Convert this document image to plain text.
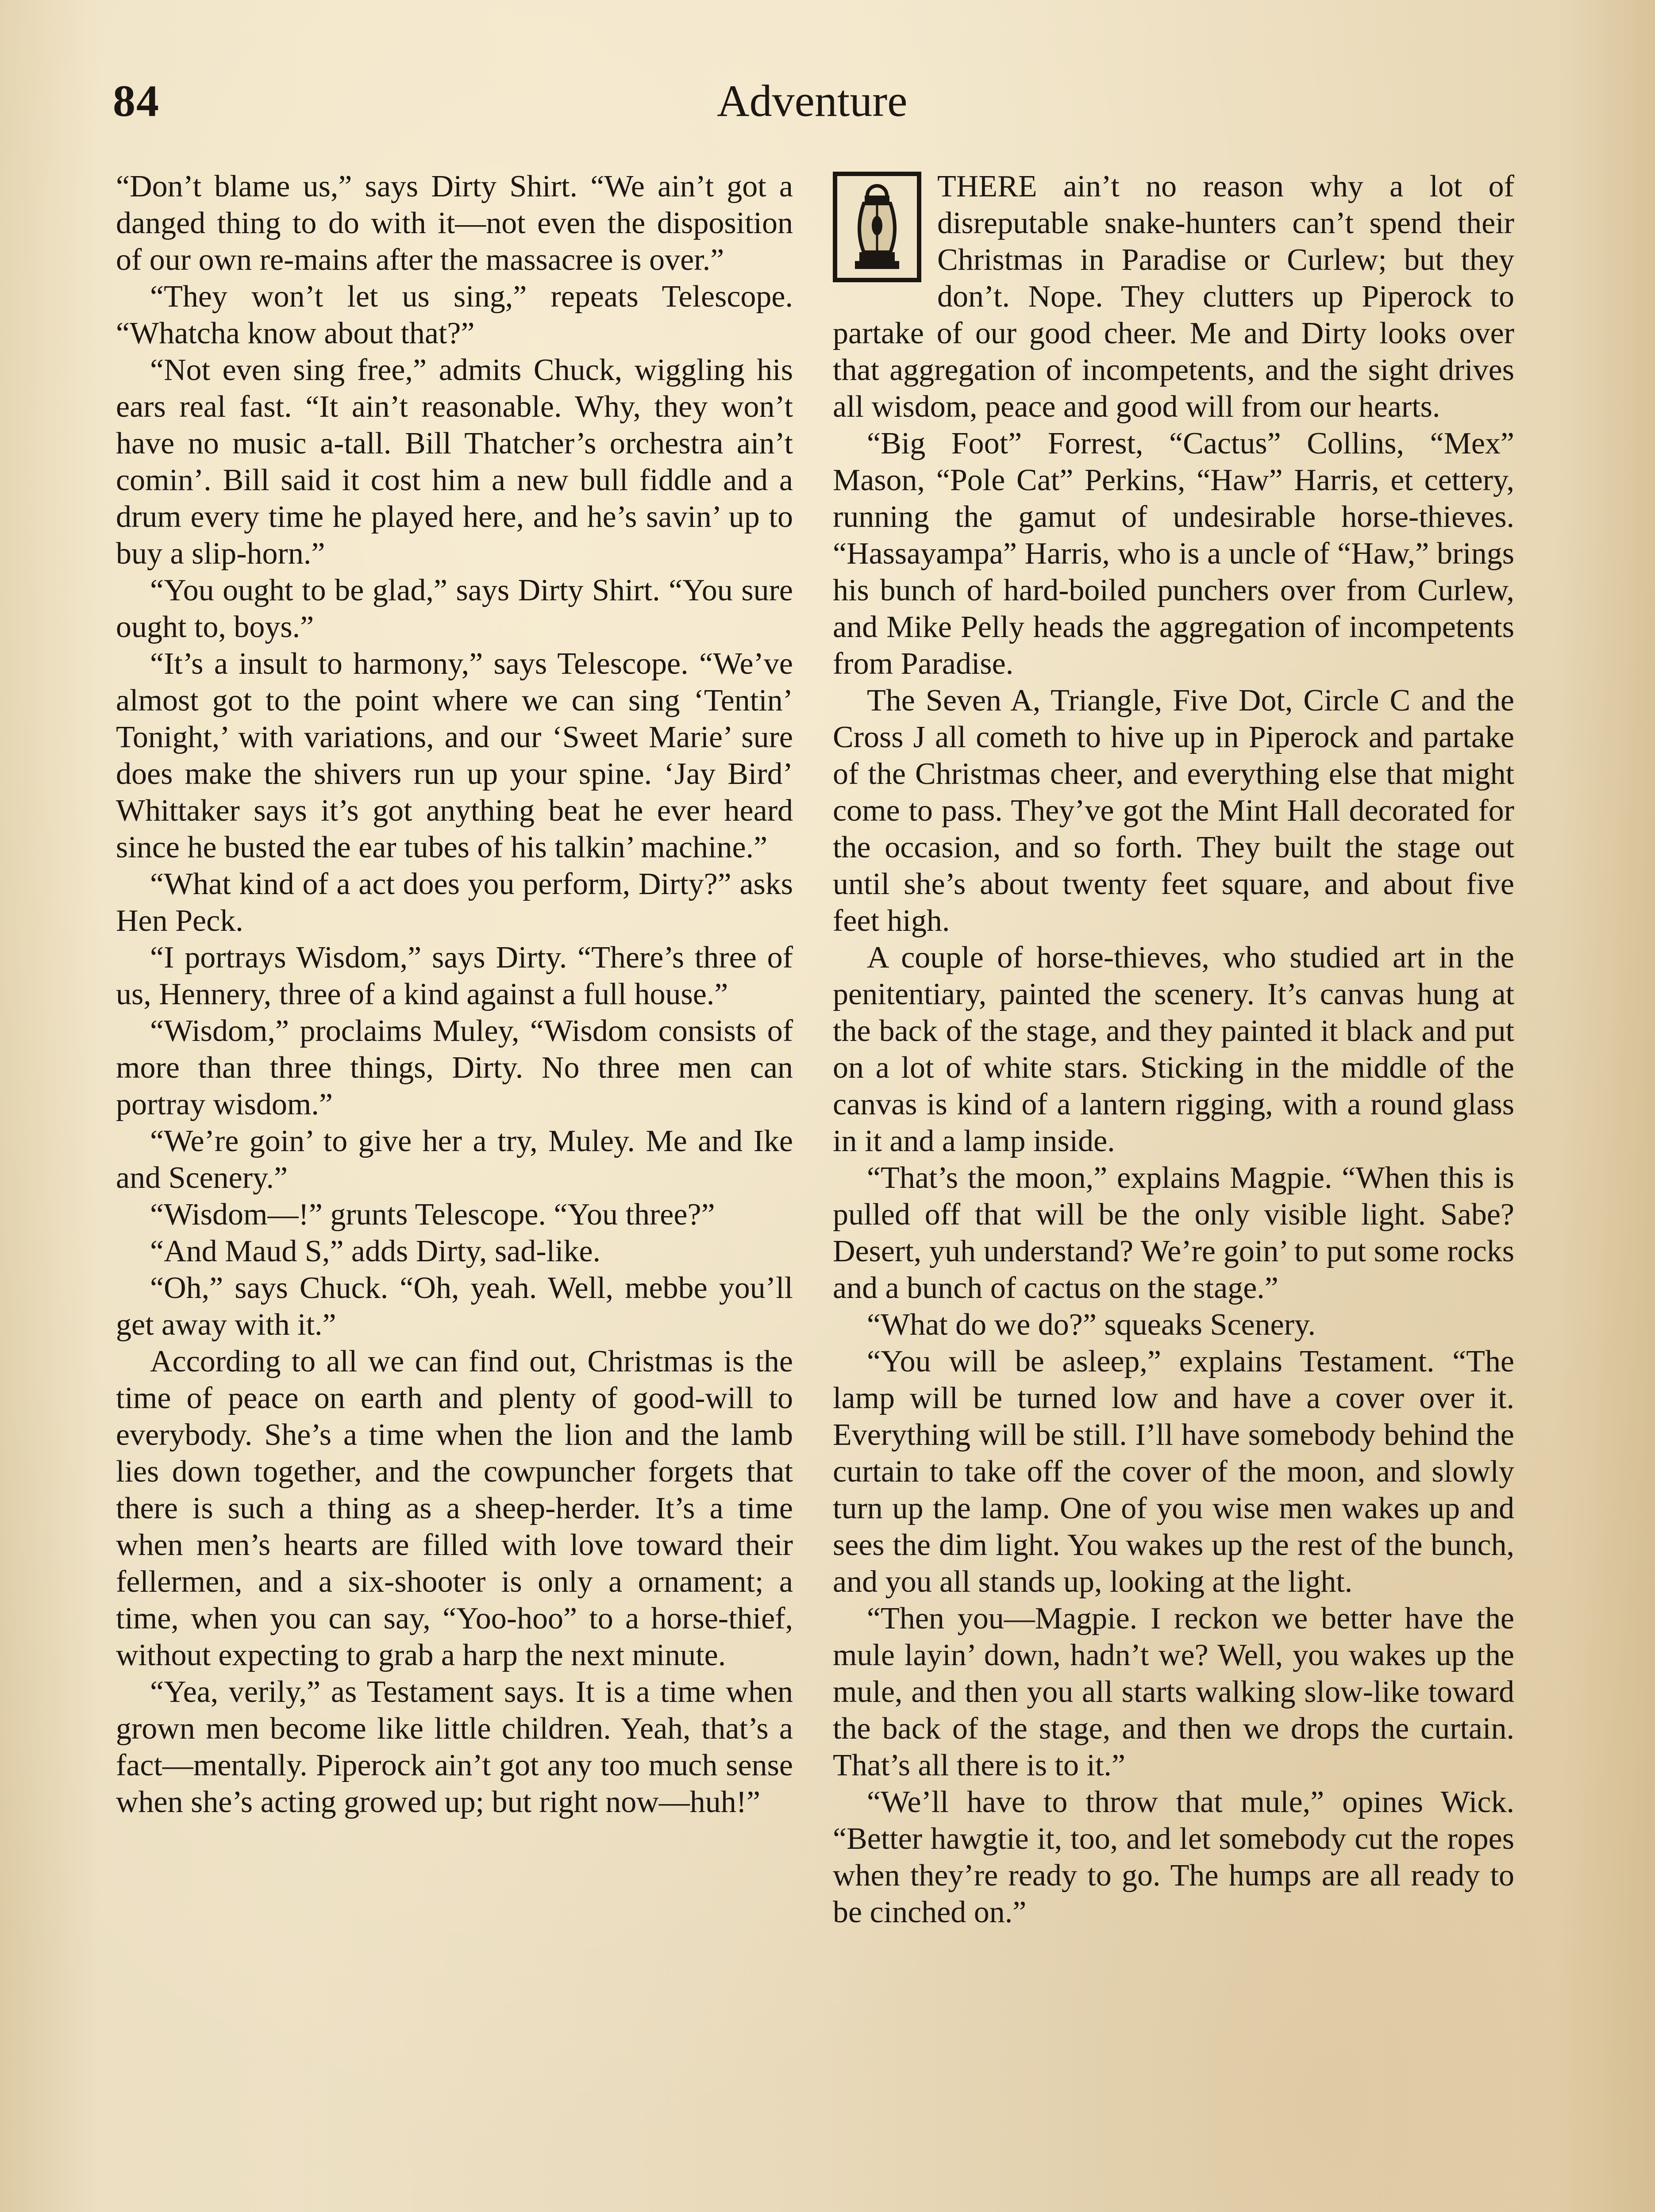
84	Adventure

“Don’t blame us,” says Dirty Shirt. “We ain’t got a danged thing to do with it—not even the disposition of our own re-mains after the massacree is over.”

“They won’t let us sing,” repeats Telescope. “Whatcha know about that?”

“Not even sing free,” admits Chuck, wiggling his ears real fast. “It ain’t reasonable. Why, they won’t have no music a-tall. Bill Thatcher’s orchestra ain’t comin’. Bill said it cost him a new bull fiddle and a drum every time he played here, and he’s savin’ up to buy a slip-horn.”

“You ought to be glad,” says Dirty Shirt. “You sure ought to, boys.”

“It’s a insult to harmony,” says Telescope. “We’ve almost got to the point where we can sing ‘Tentin’ Tonight,’ with variations, and our ‘Sweet Marie’ sure does make the shivers run up your spine. ‘Jay Bird’ Whittaker says it’s got anything beat he ever heard since he busted the ear tubes of his talkin’ machine.”

“What kind of a act does you perform, Dirty?” asks Hen Peck.

“I portrays Wisdom,” says Dirty. “There’s three of us, Hennery, three of a kind against a full house.”

“Wisdom,” proclaims Muley, “Wisdom consists of more than three things, Dirty. No three men can portray wisdom.”

“We’re goin’ to give her a try, Muley. Me and Ike and Scenery.”

“Wisdom—!” grunts Telescope. “You three?”

“And Maud S,” adds Dirty, sad-like.

“Oh,” says Chuck. “Oh, yeah. Well, mebbe you’ll get away with it.”

According to all we can find out, Christmas is the time of peace on earth and plenty of good-will to everybody. She’s a time when the lion and the lamb lies down together, and the cowpuncher forgets that there is such a thing as a sheep-herder. It’s a time when men’s hearts are filled with love toward their fellermen, and a six-shooter is only a ornament; a time, when you can say, “Yoo-hoo” to a horse-thief, without expecting to grab a harp the next minute.

“Yea, verily,” as Testament says. It is a time when grown men become like little children. Yeah, that’s a fact—mentally. Piperock ain’t got any too much sense when she’s acting growed up; but right now—huh!”

THERE ain’t no reason why a lot of disreputable snake-hunters can’t spend their Christmas in Paradise or Curlew; but they don’t. Nope. They clutters up Piperock to partake of our good cheer. Me and Dirty looks over that aggregation of incompetents, and the sight drives all wisdom, peace and good will from our hearts.

“Big Foot” Forrest, “Cactus” Collins, “Mex” Mason, “Pole Cat” Perkins, “Haw” Harris, et cettery, running the gamut of undesirable horse-thieves. “Hassayampa” Harris, who is a uncle of “Haw,” brings his bunch of hard-boiled punchers over from Curlew, and Mike Pelly heads the aggregation of incompetents from Paradise.

The Seven A, Triangle, Five Dot, Circle C and the Cross J all cometh to hive up in Piperock and partake of the Christmas cheer, and everything else that might come to pass. They’ve got the Mint Hall decorated for the occasion, and so forth. They built the stage out until she’s about twenty feet square, and about five feet high.

A couple of horse-thieves, who studied art in the penitentiary, painted the scenery. It’s canvas hung at the back of the stage, and they painted it black and put on a lot of white stars. Sticking in the middle of the canvas is kind of a lantern rigging, with a round glass in it and a lamp inside.

“That’s the moon,” explains Magpie. “When this is pulled off that will be the only visible light. Sabe? Desert, yuh understand? We’re goin’ to put some rocks and a bunch of cactus on the stage.”

“What do we do?” squeaks Scenery.

“You will be asleep,” explains Testament. “The lamp will be turned low and have a cover over it. Everything will be still. I’ll have somebody behind the curtain to take off the cover of the moon, and slowly turn up the lamp. One of you wise men wakes up and sees the dim light. You wakes up the rest of the bunch, and you all stands up, looking at the light.

“Then you—Magpie. I reckon we better have the mule layin’ down, hadn’t we? Well, you wakes up the mule, and then you all starts walking slow-like toward the back of the stage, and then we drops the curtain. That’s all there is to it.”

“We’ll have to throw that mule,” opines Wick. “Better hawgtie it, too, and let somebody cut the ropes when they’re ready to go. The humps are all ready to be cinched on.”
